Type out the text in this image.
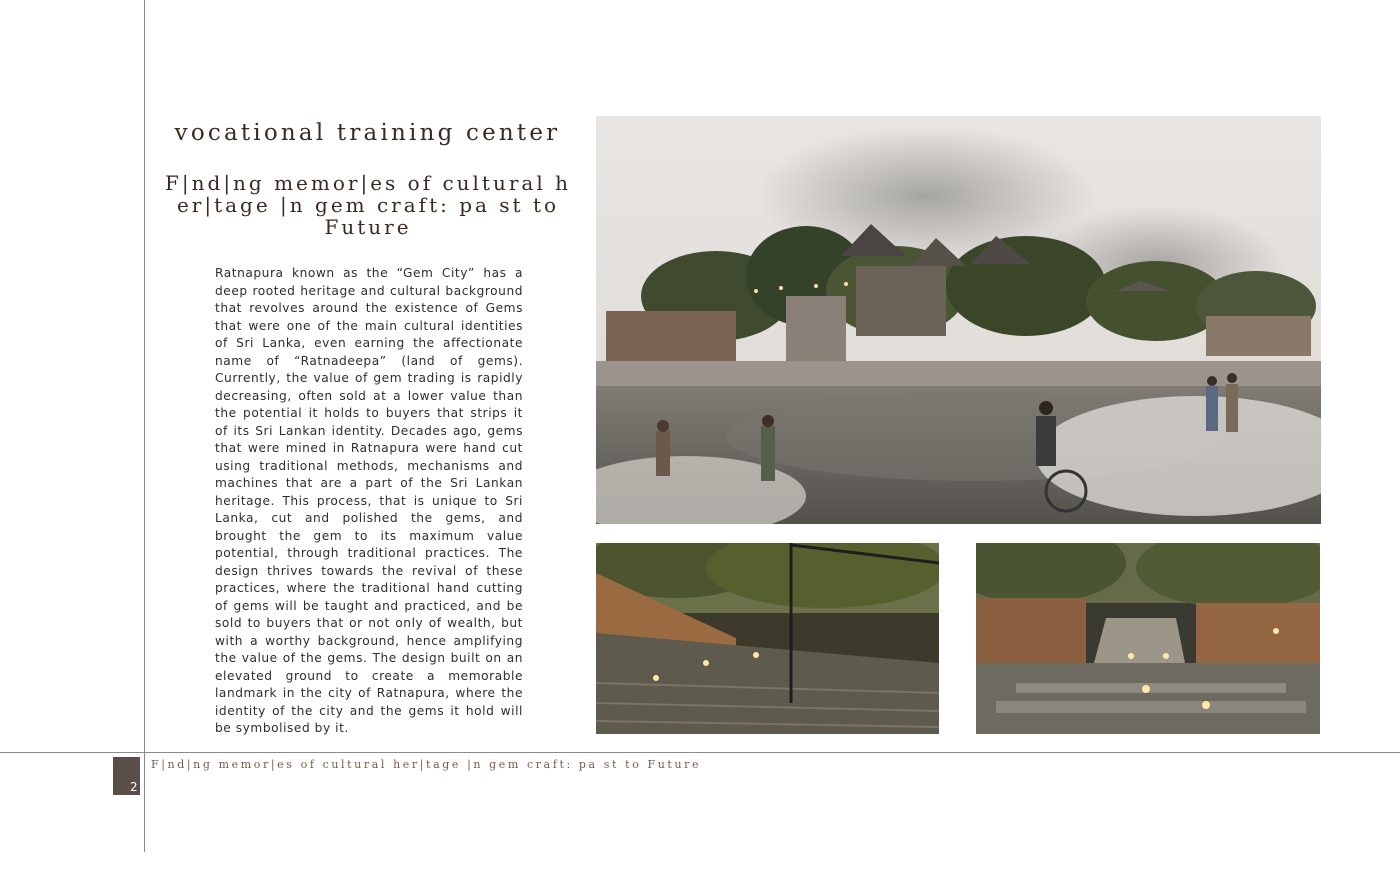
vocational training center
F|nd|ng memor|es of cultural h er|tage |n gem craft: pa st to Future

Ratnapura known as the “Gem City” has a deep rooted heritage and cultural background that revolves around the existence of Gems that were one of the main cultural identities of Sri Lanka, even earning the affectionate name of “Ratnadeepa” (land of gems). Currently, the value of gem trading is rapidly decreasing, often sold at a lower value than the potential it holds to buyers that strips it of its Sri Lankan identity. Decades ago, gems that were mined in Ratnapura were hand cut using traditional methods, mechanisms and machines that are a part of the Sri Lankan heritage. This process, that is unique to Sri Lanka, cut and polished the gems, and brought the gem to its maximum value potential, through traditional practices. The design thrives towards the revival of these practices, where the traditional hand cutting of gems will be taught and practiced, and be sold to buyers that or not only of wealth, but with a worthy background, hence amplifying the value of the gems. The design built on an elevated ground to create a memorable landmark in the city of Ratnapura, where the identity of the city and the gems it hold will be symbolised by it.

2
F|nd|ng memor|es of cultural her|tage |n gem craft: pa st to Future
